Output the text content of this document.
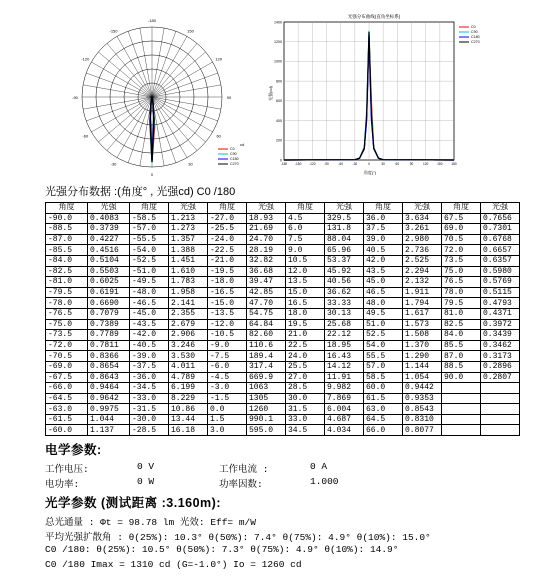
-120
-150
-180
150
120
-90	90
-60
-30
0
30
60
cd
C0
C90
C180
C270
光强分布曲线(直角坐标系)
1400
1200
1000
800
600
400
200
0
-180 -150 -120	-90	-60	-30	0	30	60	90	120	150	180
光强(cd)
角度(°)
C0
C90
C180
C270
光强分布数据 :(角度° , 光强cd) C0 /180
角度	光强	角度	光强	角度	光强	角度	光强	角度	光强	角度	光强
-90.0	0.4083	-58.5	1.213	-27.0	18.93	4.5	329.5	36.0	3.634	67.5	0.7656
-88.5	0.3739	-57.0	1.273	-25.5	21.69	6.0	131.8	37.5	3.261	69.0	0.7301
-87.0	0.4227	-55.5	1.357	-24.0	24.70	7.5	88.04	39.0	2.980	70.5	0.6768
-85.5	0.4516	-54.0	1.388	-22.5	28.19	9.0	65.96	40.5	2.736	72.0	0.6657
-84.0	0.5104	-52.5	1.451	-21.0	32.82	10.5	53.37	42.0	2.525	73.5	0.6357
-82.5	0.5503	-51.0	1.610	-19.5	36.68	12.0	45.92	43.5	2.294	75.0	0.5980
-81.0	0.6025	-49.5	1.783	-18.0	39.47	13.5	40.56	45.0	2.132	76.5	0.5769
-79.5	0.6191	-48.0	1.958	-16.5	42.85	15.0	36.62	46.5	1.911	78.0	0.5115
-78.0	0.6690	-46.5	2.141	-15.0	47.70	16.5	33.33	48.0	1.794	79.5	0.4793
-76.5	0.7079	-45.0	2.355	-13.5	54.75	18.0	30.13	49.5	1.617	81.0	0.4371
-75.0	0.7389	-43.5	2.679	-12.0	64.84	19.5	25.68	51.0	1.573	82.5	0.3972
-73.5	0.7789	-42.0	2.906	-10.5	82.60	21.0	22.12	52.5	1.508	84.0	0.3439
-72.0	0.7811	-40.5	3.246	-9.0	110.6	22.5	18.95	54.0	1.370	85.5	0.3462
-70.5	0.8366	-39.0	3.530	-7.5	189.4	24.0	16.43	55.5	1.290	87.0	0.3173
-69.0	0.8654	-37.5	4.011	-6.0	317.4	25.5	14.12	57.0	1.144	88.5	0.2896
-67.5	0.8643	-36.0	4.789	-4.5	669.9	27.0	11.91	58.5	1.054	90.0	0.2807
-66.0	0.9464	-34.5	6.199	-3.0	1063	28.5	9.982	60.0	0.9442		
-64.5	0.9642	-33.0	8.229	-1.5	1305	30.0	7.869	61.5	0.9353		
-63.0	0.9975	-31.5	10.86	0.0	1260	31.5	6.004	63.0	0.8543		
-61.5	1.044	-30.0	13.44	1.5	990.1	33.0	4.687	64.5	0.8310		
-60.0	1.137	-28.5	16.18	3.0	595.0	34.5	4.034	66.0	0.8077		
电学参数:
工作电压:	0 V	工作电流 :	0 A
电功率:	0 W	功率因数:	1.000
光学参数 (测试距离 :3.160m):
总光通量 : Φt = 98.78 lm 光效: Eff= m/W
平均光强扩散角 : θ(25%): 10.3° θ(50%): 7.4° θ(75%): 4.9° θ(10%): 15.0°
C0 /180: θ(25%): 10.5° θ(50%): 7.3° θ(75%): 4.9° θ(10%): 14.9°
C0 /180 Imax = 1310 cd (G=-1.0°) Io = 1260 cd
